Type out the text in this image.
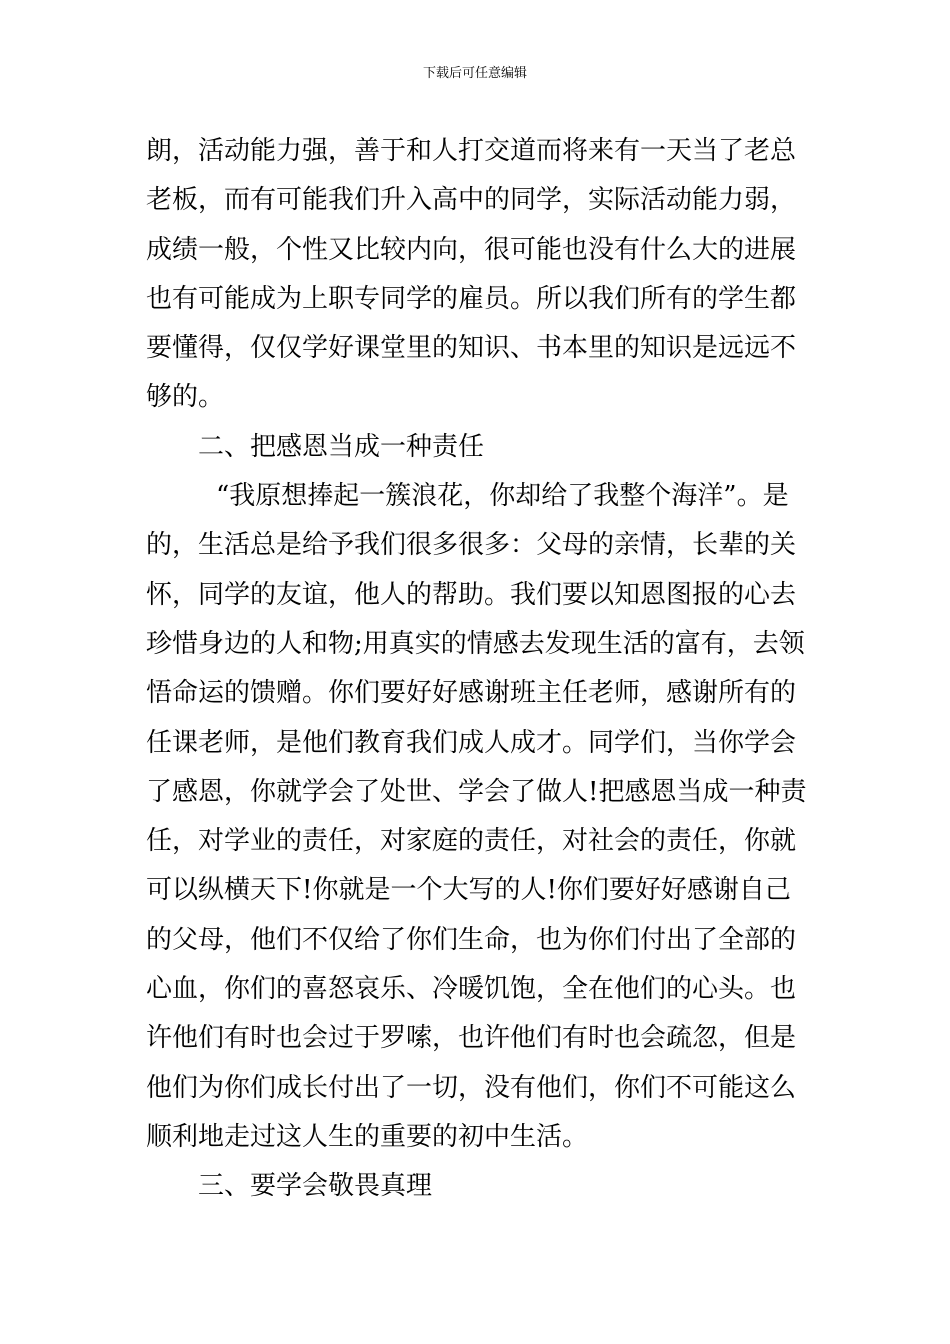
下载后可任意编辑
朗，活动能力强，善于和人打交道而将来有一天当了老总
老板，而有可能我们升入高中的同学，实际活动能力弱，
成绩一般，个性又比较内向，很可能也没有什么大的进展
也有可能成为上职专同学的雇员。所以我们所有的学生都
要懂得，仅仅学好课堂里的知识、书本里的知识是远远不
够的。
二、把感恩当成一种责任
“我原想捧起一簇浪花，你却给了我整个海洋”。是
的，生活总是给予我们很多很多：父母的亲情，长辈的关
怀，同学的友谊，他人的帮助。我们要以知恩图报的心去
珍惜身边的人和物;用真实的情感去发现生活的富有，去领
悟命运的馈赠。你们要好好感谢班主任老师，感谢所有的
任课老师，是他们教育我们成人成才。同学们，当你学会
了感恩，你就学会了处世、学会了做人!把感恩当成一种责
任，对学业的责任，对家庭的责任，对社会的责任，你就
可以纵横天下!你就是一个大写的人!你们要好好感谢自己
的父母，他们不仅给了你们生命，也为你们付出了全部的
心血，你们的喜怒哀乐、冷暖饥饱，全在他们的心头。也
许他们有时也会过于罗嗦，也许他们有时也会疏忽，但是
他们为你们成长付出了一切，没有他们，你们不可能这么
顺利地走过这人生的重要的初中生活。
三、要学会敬畏真理
